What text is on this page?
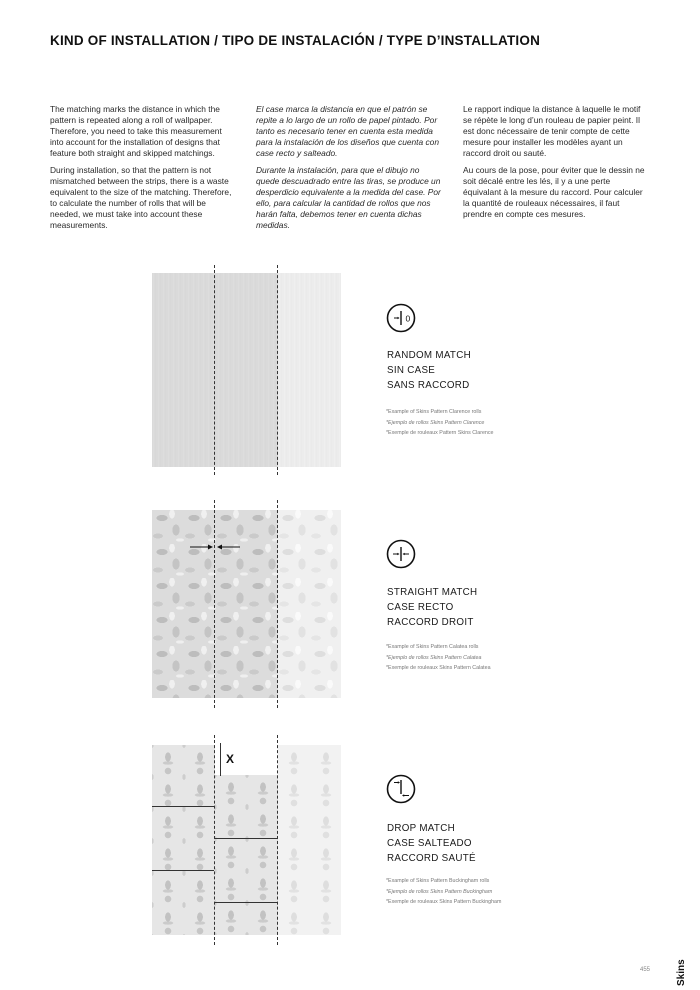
KIND OF INSTALLATION / TIPO DE INSTALACIÓN / TYPE D’INSTALLATION

The matching marks the distance in which the pattern is repeated along a roll of wallpaper. Therefore, you need to take this measurement into account for the installation of designs that feature both straight and skipped matchings.

During installation, so that the pattern is not mismatched between the strips, there is a waste equivalent to the size of the matching. Therefore, to calculate the number of rolls that will be needed, we must take into account these measurements.

El case marca la distancia en que el patrón se repite a lo largo de un rollo de papel pintado. Por tanto es necesario tener en cuenta esta medida para la instalación de los diseños que cuenta con case recto y salteado.

Durante la instalación, para que el dibujo no quede descuadrado entre las tiras, se produce un desperdicio equivalente a la medida del case. Por ello, para calcular la cantidad de rollos que nos harán falta, debemos tener en cuenta dichas medidas.

Le rapport indique la distance à laquelle le motif se répète le long d’un rouleau de papier peint. Il est donc nécessaire de tenir compte de cette mesure pour installer les modèles ayant un raccord droit ou sauté.

Au cours de la pose, pour éviter que le dessin ne soit décalé entre les lés, il y a une perte équivalant à la mesure du raccord. Pour calculer la quantité de rouleaux nécessaires, il faut prendre en compte ces mesures.

0
RANDOM MATCH
SIN CASE
SANS RACCORD
*Example of Skins Pattern Clarence rolls
*Ejemplo de rollos Skins Pattern Clarence
*Exemple de rouleaux Pattern Skins Clarence
STRAIGHT MATCH
CASE RECTO
RACCORD DROIT
*Example of Skins Pattern Calatea rolls
*Ejemplo de rollos Skins Pattern Calatea
*Exemple de rouleaux Skins Pattern Calatea
X
DROP MATCH
CASE SALTEADO
RACCORD SAUTÉ
*Example of Skins Pattern Buckingham rolls
*Ejemplo de rollos Skins Pattern Buckingham
*Exemple de rouleaux Skins Pattern Buckingham
455	Skins
